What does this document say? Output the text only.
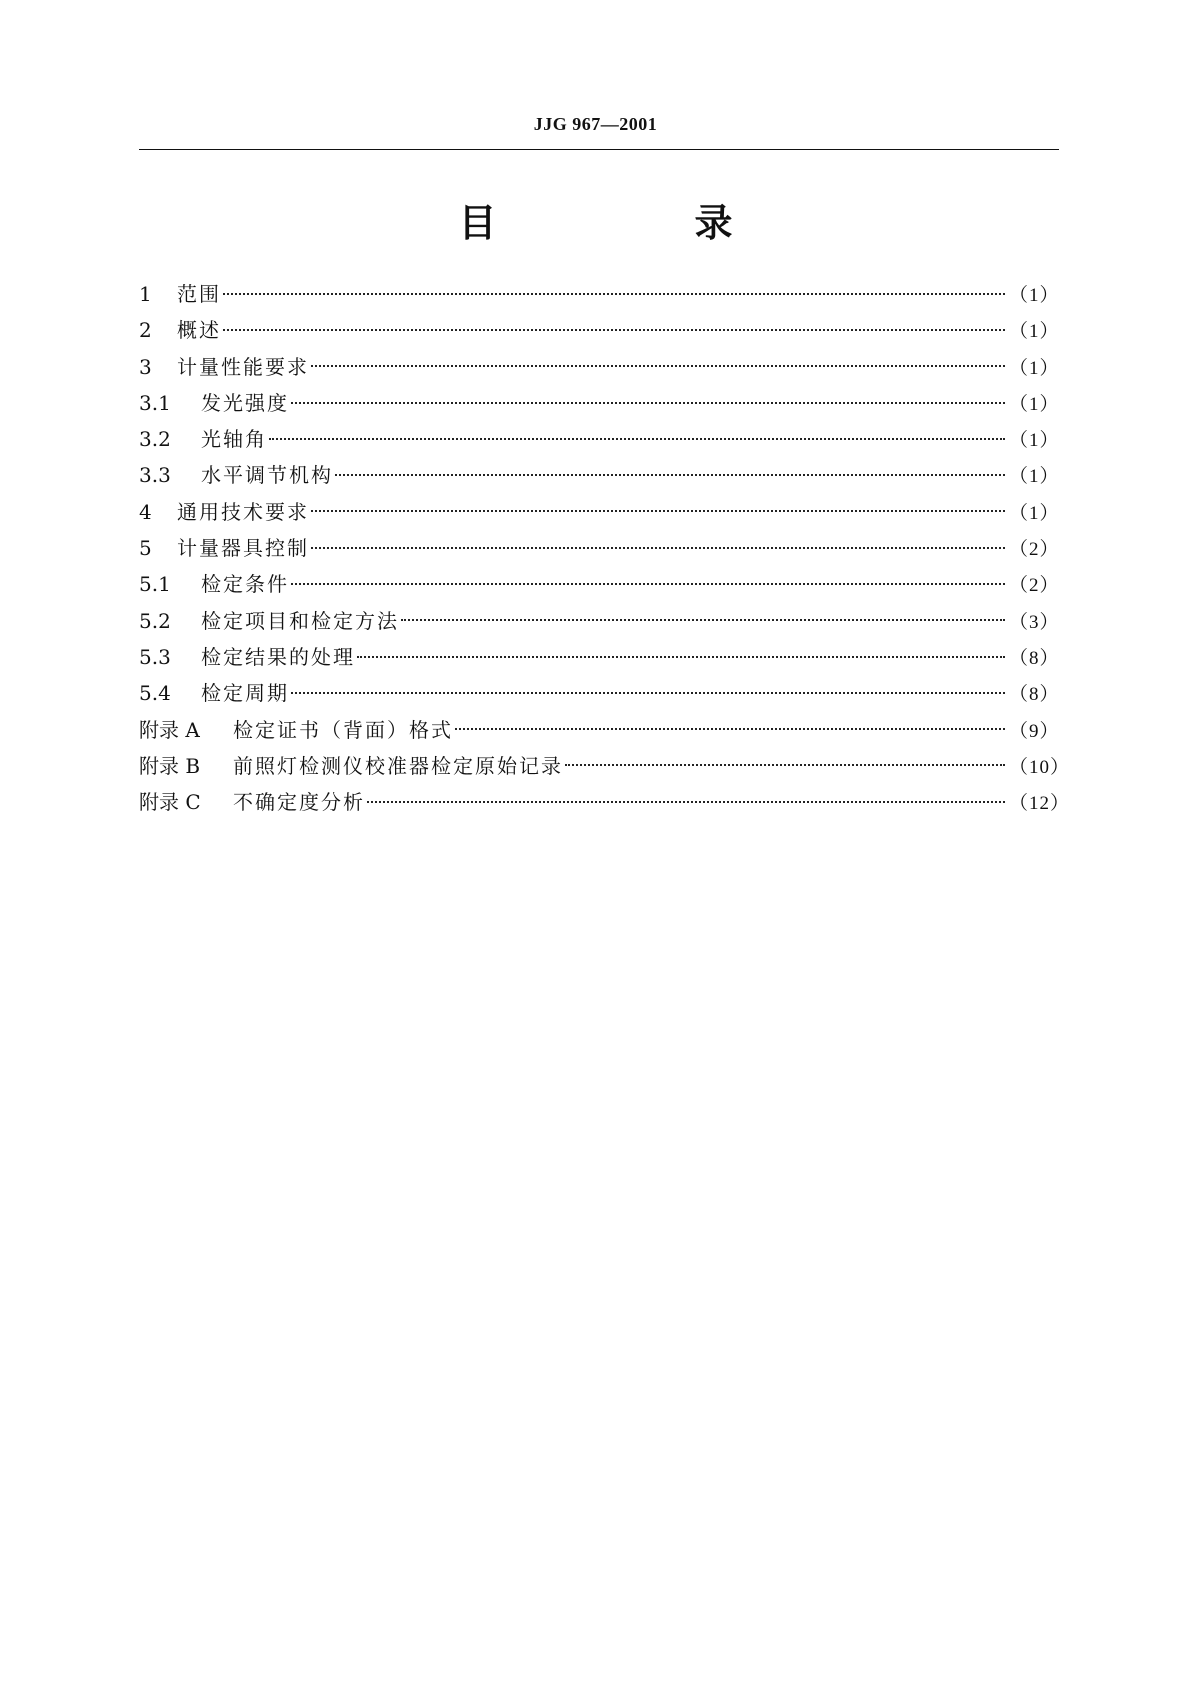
JJG 967—2001
目　录
1	范围	（1）
2	概述	（1）
3	计量性能要求	（1）
3.1	发光强度	（1）
3.2	光轴角	（1）
3.3	水平调节机构	（1）
4	通用技术要求	（1）
5	计量器具控制	（2）
5.1	检定条件	（2）
5.2	检定项目和检定方法	（3）
5.3	检定结果的处理	（8）
5.4	检定周期	（8）
附录 A	检定证书（背面）格式	（9）
附录 B	前照灯检测仪校准器检定原始记录	（10）
附录 C	不确定度分析	（12）
